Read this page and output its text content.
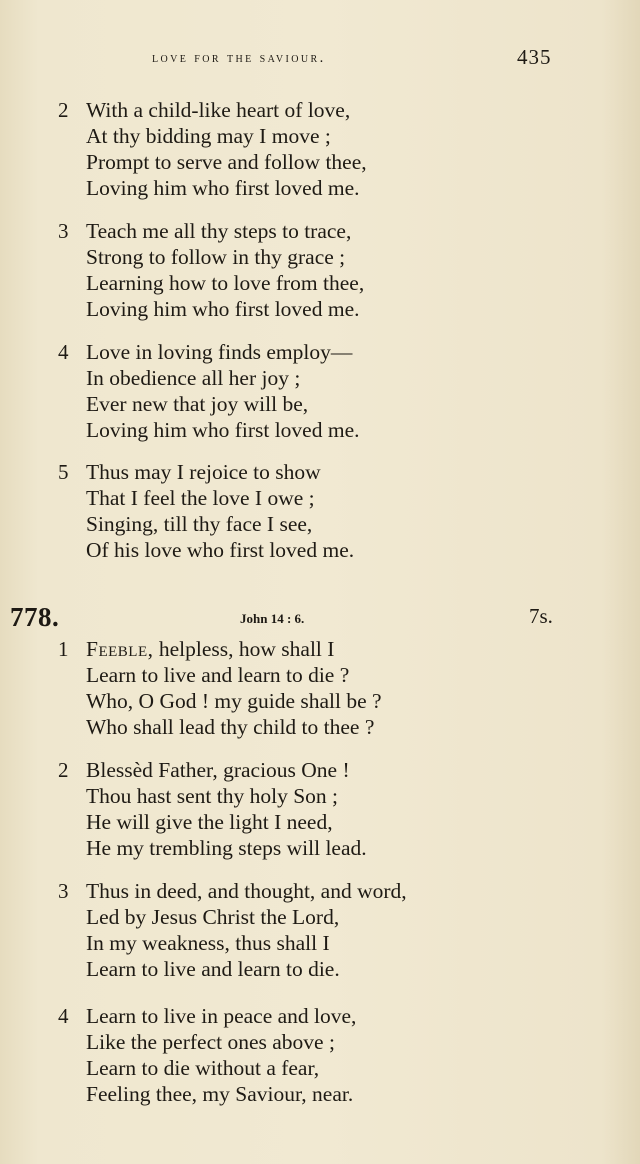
love for the saviour.	435
2 With a child-like heart of love,
At thy bidding may I move ;
Prompt to serve and follow thee,
Loving him who first loved me.
3 Teach me all thy steps to trace,
Strong to follow in thy grace ;
Learning how to love from thee,
Loving him who first loved me.
4 Love in loving finds employ—
In obedience all her joy ;
Ever new that joy will be,
Loving him who first loved me.
5 Thus may I rejoice to show
That I feel the love I owe ;
Singing, till thy face I see,
Of his love who first loved me.
778.	John 14 : 6.	7s.
1 Feeble, helpless, how shall I
Learn to live and learn to die ?
Who, O God ! my guide shall be ?
Who shall lead thy child to thee ?
2 Blessèd Father, gracious One !
Thou hast sent thy holy Son ;
He will give the light I need,
He my trembling steps will lead.
3 Thus in deed, and thought, and word,
Led by Jesus Christ the Lord,
In my weakness, thus shall I
Learn to live and learn to die.
4 Learn to live in peace and love,
Like the perfect ones above ;
Learn to die without a fear,
Feeling thee, my Saviour, near.
